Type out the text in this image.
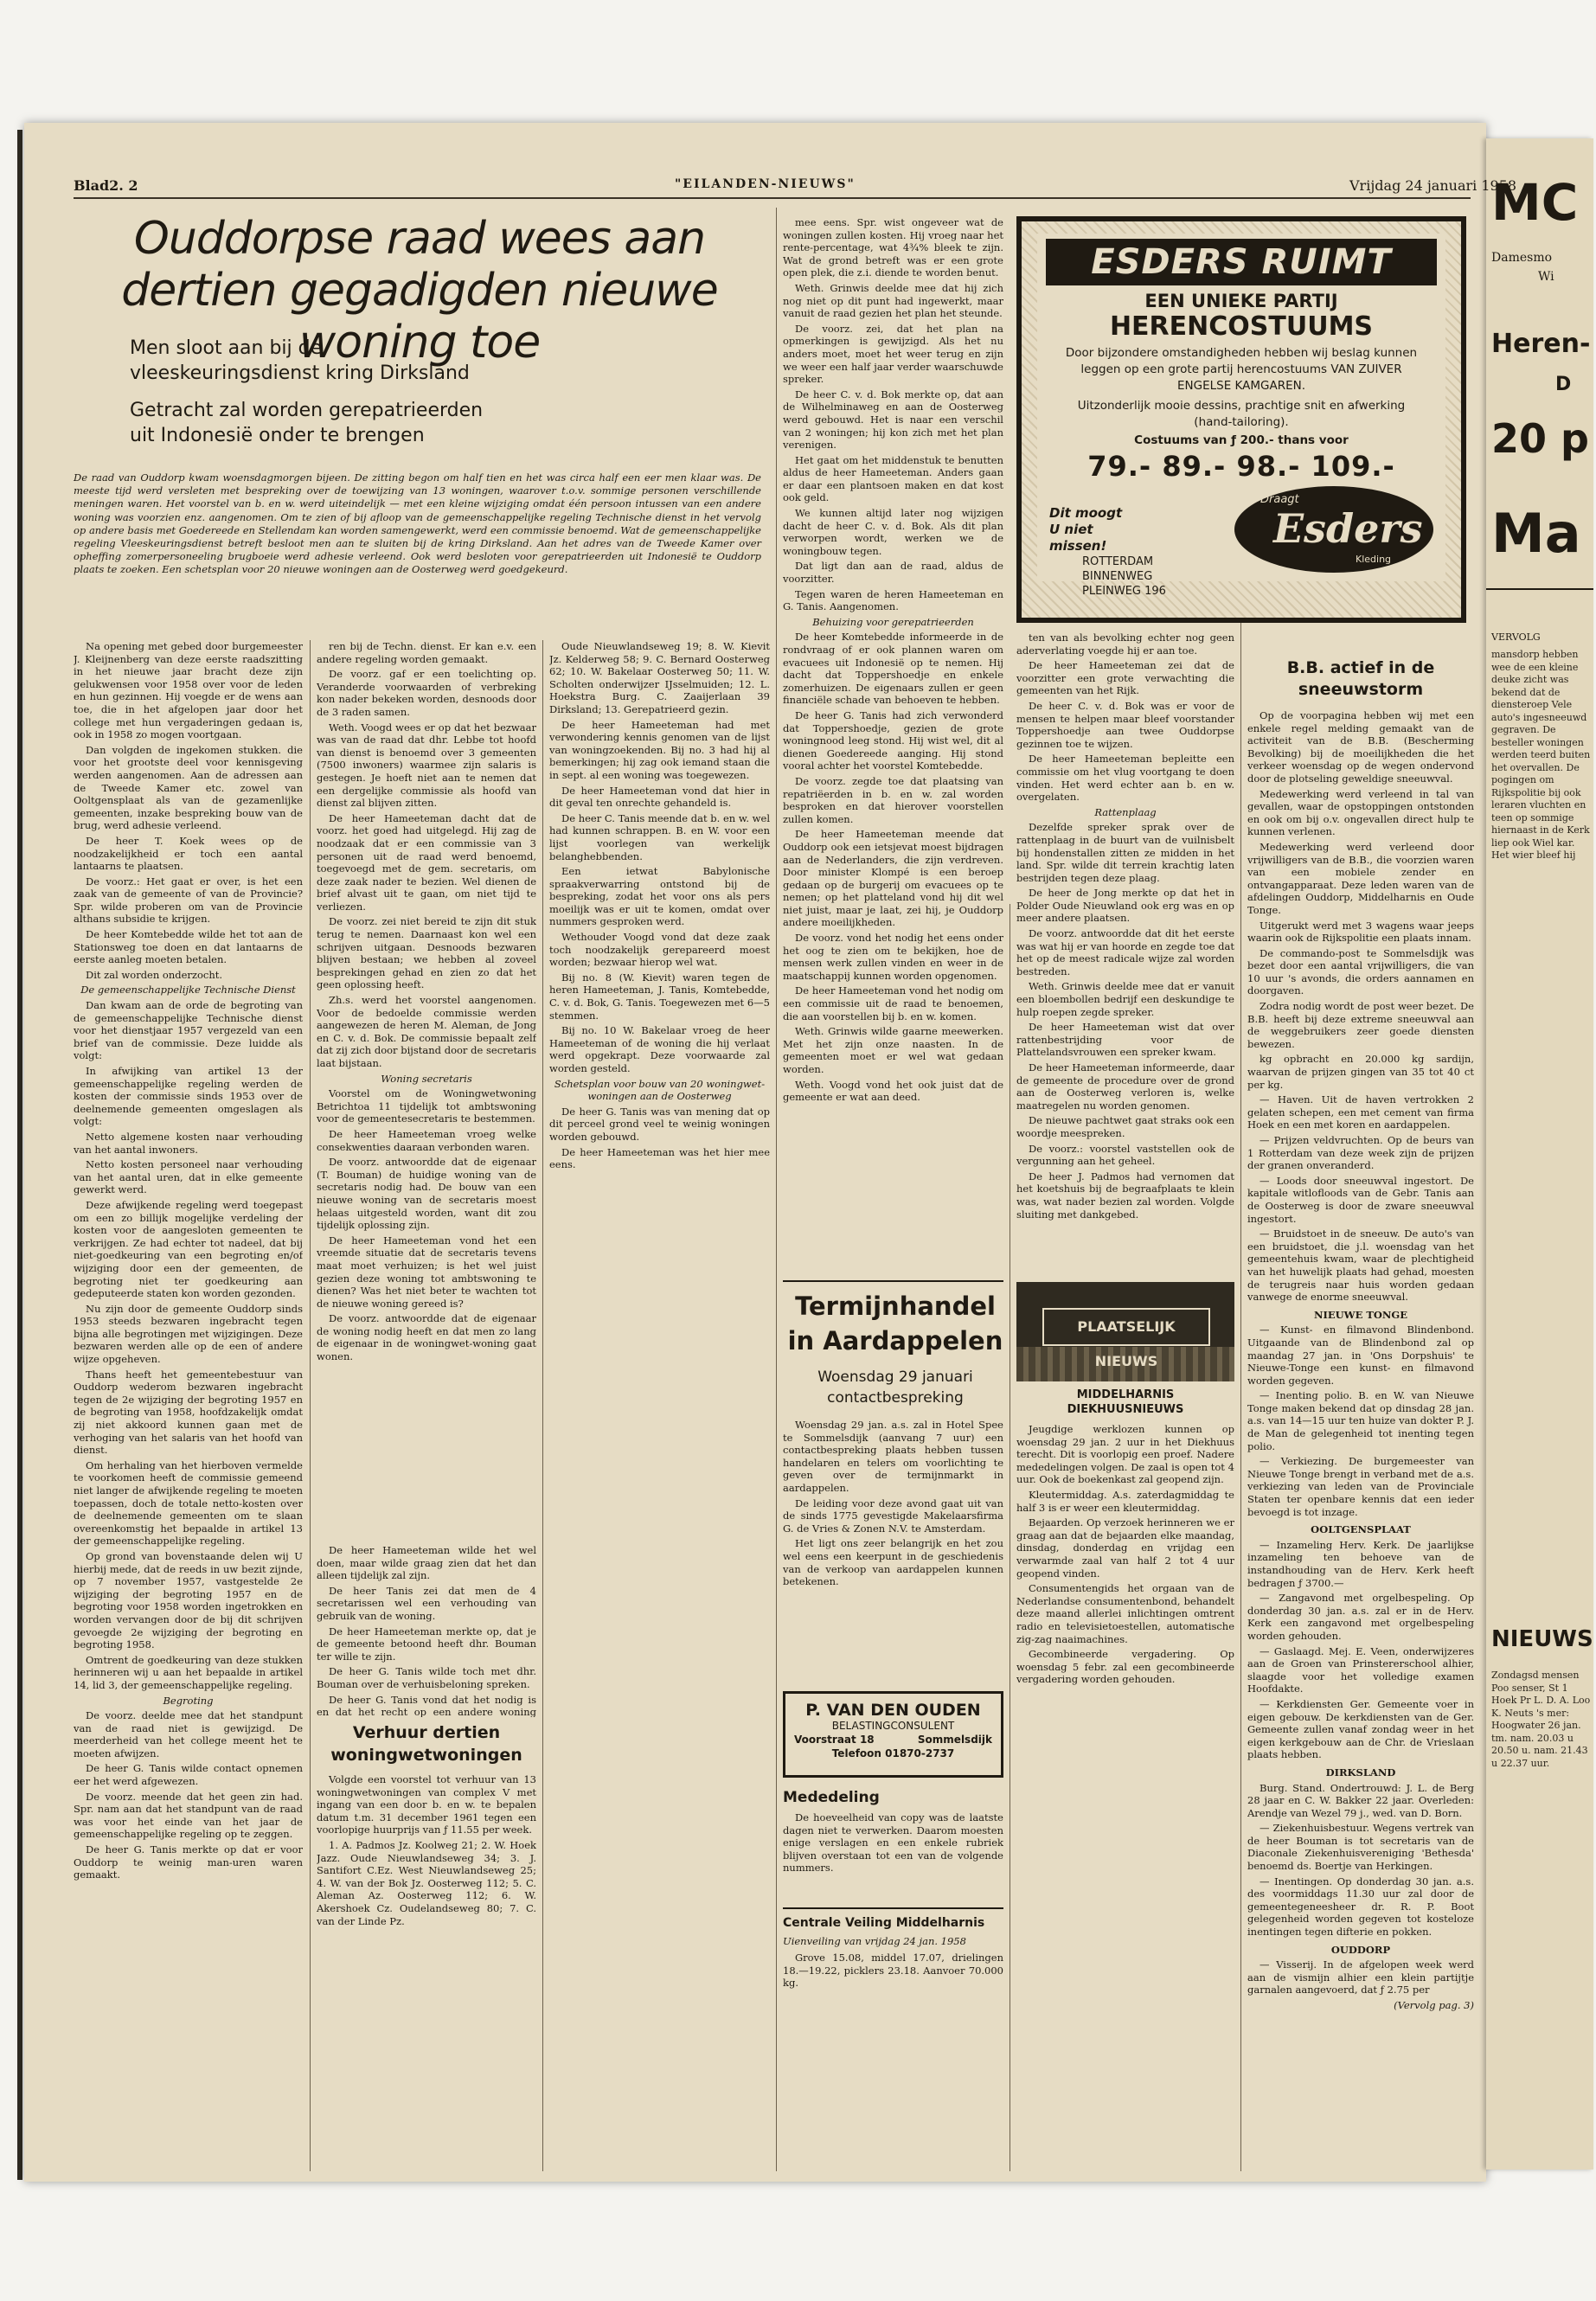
MC
Damesmo
Wi
Heren-
D
20 p
Ma
VERVOLG
mansdorp hebben wee de een kleine deuke zicht was bekend dat de diensteroep Vele auto's ingesneeuwd gegraven. De besteller woningen werden teerd buiten het overvallen. De pogingen om Rijkspolitie bij ook leraren vluchten en teen op sommige hiernaast in de Kerk liep ook Wiel kar. Het wier bleef hij
NIEUWS
Zondagsd mensen Poo senser, St 1 Hoek Pr L. D. A. Loo K. Neuts 's mer: Hoogwater 26 jan. tm. nam. 20.03 u 20.50 u. nam. 21.43 u 22.37 uur.
Blad2. 2	"EILANDEN-NIEUWS"	Vrijdag 24 januari 1958
Ouddorpse raad wees aan dertien gegadigden nieuwe woning toe
Men sloot aan bij de vleeskeuringsdienst kring Dirksland
Getracht zal worden gerepatrieerden uit Indonesië onder te brengen
De raad van Ouddorp kwam woensdagmorgen bijeen. De zitting begon om half tien en het was circa half een eer men klaar was. De meeste tijd werd versleten met bespreking over de toewijzing van 13 woningen, waarover t.o.v. sommige personen verschillende meningen waren. Het voorstel van b. en w. werd uiteindelijk — met een kleine wijziging omdat één persoon intussen van een andere woning was voorzien enz. aangenomen. Om te zien of bij afloop van de gemeenschappelijke regeling Technische dienst in het vervolg op andere basis met Goedereede en Stellendam kan worden samengewerkt, werd een commissie benoemd. Wat de gemeenschappelijke regeling Vleeskeuringsdienst betreft besloot men aan te sluiten bij de kring Dirksland. Aan het adres van de Tweede Kamer over opheffing zomerpersoneeling brugboeie werd adhesie verleend. Ook werd besloten voor gerepatrieerden uit Indonesië te Ouddorp plaats te zoeken. Een schetsplan voor 20 nieuwe woningen aan de Oosterweg werd goedgekeurd.

Na opening met gebed door burgemeester J. Kleijnenberg van deze eerste raadszitting in het nieuwe jaar bracht deze zijn gelukwensen voor 1958 over voor de leden en hun gezinnen. Hij voegde er de wens aan toe, die in het afgelopen jaar door het college met hun vergaderingen gedaan is, ook in 1958 zo mogen voortgaan.

Dan volgden de ingekomen stukken. die voor het grootste deel voor kennisgeving werden aangenomen. Aan de adressen aan de Tweede Kamer etc. zowel van Ooltgensplaat als van de gezamenlijke gemeenten, inzake bespreking bouw van de brug, werd adhesie verleend.

De heer T. Koek wees op de noodzakelijkheid er toch een aantal lantaarns te plaatsen.

De voorz.: Het gaat er over, is het een zaak van de gemeente of van de Provincie? Spr. wilde proberen om van de Provincie althans subsidie te krijgen.

De heer Komtebedde wilde het tot aan de Stationsweg toe doen en dat lantaarns de eerste aanleg moeten betalen.

Dit zal worden onderzocht.

De gemeenschappelijke Technische Dienst

Dan kwam aan de orde de begroting van de gemeenschappelijke Technische dienst voor het dienstjaar 1957 vergezeld van een brief van de commissie. Deze luidde als volgt:

In afwijking van artikel 13 der gemeenschappelijke regeling werden de kosten der commissie sinds 1953 over de deelnemende gemeenten omgeslagen als volgt:

Netto algemene kosten naar verhouding van het aantal inwoners.

Netto kosten personeel naar verhouding van het aantal uren, dat in elke gemeente gewerkt werd.

Deze afwijkende regeling werd toegepast om een zo billijk mogelijke verdeling der kosten voor de aangesloten gemeenten te verkrijgen. Ze had echter tot nadeel, dat bij niet-goedkeuring van een begroting en/of wijziging door een der gemeenten, de begroting niet ter goedkeuring aan gedeputeerde staten kon worden gezonden.

Nu zijn door de gemeente Ouddorp sinds 1953 steeds bezwaren ingebracht tegen bijna alle begrotingen met wijzigingen. Deze bezwaren werden alle op de een of andere wijze opgeheven.

Thans heeft het gemeentebestuur van Ouddorp wederom bezwaren ingebracht tegen de 2e wijziging der begroting 1957 en de begroting van 1958, hoofdzakelijk omdat zij niet akkoord kunnen gaan met de verhoging van het salaris van het hoofd van dienst.

Om herhaling van het hierboven vermelde te voorkomen heeft de commissie gemeend niet langer de afwijkende regeling te moeten toepassen, doch de totale netto-kosten over de deelnemende gemeenten om te slaan overeenkomstig het bepaalde in artikel 13 der gemeenschappelijke regeling.

Op grond van bovenstaande delen wij U hierbij mede, dat de reeds in uw bezit zijnde, op 7 november 1957, vastgestelde 2e wijziging der begroting 1957 en de begroting voor 1958 worden ingetrokken en worden vervangen door de bij dit schrijven gevoegde 2e wijziging der begroting en begroting 1958.

Omtrent de goedkeuring van deze stukken herinneren wij u aan het bepaalde in artikel 14, lid 3, der gemeenschappelijke regeling.

Begroting

De voorz. deelde mee dat het standpunt van de raad niet is gewijzigd. De meerderheid van het college meent het te moeten afwijzen.

De heer G. Tanis wilde contact opnemen eer het werd afgewezen.

De voorz. meende dat het geen zin had. Spr. nam aan dat het standpunt van de raad was voor het einde van het jaar de gemeenschappelijke regeling op te zeggen.

De heer G. Tanis merkte op dat er voor Ouddorp te weinig man-uren waren gemaakt.

ren bij de Techn. dienst. Er kan e.v. een andere regeling worden gemaakt.

De voorz. gaf er een toelichting op. Veranderde voorwaarden of verbreking kon nader bekeken worden, desnoods door de 3 raden samen.

Weth. Voogd wees er op dat het bezwaar was van de raad dat dhr. Lebbe tot hoofd van dienst is benoemd over 3 gemeenten (7500 inwoners) waarmee zijn salaris is gestegen. Je hoeft niet aan te nemen dat een dergelijke commissie als hoofd van dienst zal blijven zitten.

De heer Hameeteman dacht dat de voorz. het goed had uitgelegd. Hij zag de noodzaak dat er een commissie van 3 personen uit de raad werd benoemd, toegevoegd met de gem. secretaris, om deze zaak nader te bezien. Wel dienen de brief alvast uit te gaan, om niet tijd te verliezen.

De voorz. zei niet bereid te zijn dit stuk terug te nemen. Daarnaast kon wel een schrijven uitgaan. Desnoods bezwaren blijven bestaan; we hebben al zoveel besprekingen gehad en zien zo dat het geen oplossing heeft.

Zh.s. werd het voorstel aangenomen. Voor de bedoelde commissie werden aangewezen de heren M. Aleman, de Jong en C. v. d. Bok. De commissie bepaalt zelf dat zij zich door bijstand door de secretaris laat bijstaan.

Woning secretaris

Voorstel om de Woningwetwoning Betrichtoa 11 tijdelijk tot ambtswoning voor de gemeentesecretaris te bestemmen.

De heer Hameeteman vroeg welke consekwenties daaraan verbonden waren.

De voorz. antwoordde dat de eigenaar (T. Bouman) de huidige woning van de secretaris nodig had. De bouw van een nieuwe woning van de secretaris moest helaas uitgesteld worden, want dit zou tijdelijk oplossing zijn.

De heer Hameeteman vond het een vreemde situatie dat de secretaris tevens maat moet verhuizen; is het wel juist gezien deze woning tot ambtswoning te dienen? Was het niet beter te wachten tot de nieuwe woning gereed is?

De voorz. antwoordde dat de eigenaar de woning nodig heeft en dat men zo lang de eigenaar in de woningwet-woning gaat wonen.

Verhuur dertien woningwetwoningen

Volgde een voorstel tot verhuur van 13 woningwetwoningen van complex V met ingang van een door b. en w. te bepalen datum t.m. 31 december 1961 tegen een voorlopige huurprijs van ƒ 11.55 per week.

1. A. Padmos Jz. Koolweg 21; 2. W. Hoek Jazz. Oude Nieuwlandseweg 34; 3. J. Santifort C.Ez. West Nieuwlandseweg 25; 4. W. van der Bok Jz. Oosterweg 112; 5. C. Aleman Az. Oosterweg 112; 6. W. Akershoek Cz. Oudelandseweg 80; 7. C. van der Linde Pz.

De heer Hameeteman wilde het wel doen, maar wilde graag zien dat het dan alleen tijdelijk zal zijn.

De heer Tanis zei dat men de 4 secretarissen wel een verhouding van gebruik van de woning.

De heer Hameeteman merkte op, dat je de gemeente betoond heeft dhr. Bouman ter wille te zijn.

De heer G. Tanis wilde toch met dhr. Bouman over de verhuisbeloning spreken.

De heer G. Tanis vond dat het nodig is en dat het recht op een andere woning

Oude Nieuwlandseweg 19; 8. W. Kievit Jz. Kelderweg 58; 9. C. Bernard Oosterweg 62; 10. W. Bakelaar Oosterweg 50; 11. W. Scholten onderwijzer IJsselmuiden; 12. L. Hoekstra Burg. C. Zaaijerlaan 39 Dirksland; 13. Gerepatrieerd gezin.

De heer Hameeteman had met verwondering kennis genomen van de lijst van woningzoekenden. Bij no. 3 had hij al bemerkingen; hij zag ook iemand staan die in sept. al een woning was toegewezen.

De heer Hameeteman vond dat hier in dit geval ten onrechte gehandeld is.

De heer C. Tanis meende dat b. en w. wel had kunnen schrappen. B. en W. voor een lijst voorlegen van werkelijk belanghebbenden.

Een ietwat Babylonische spraakverwarring ontstond bij de bespreking, zodat het voor ons als pers moeilijk was er uit te komen, omdat over nummers gesproken werd.

Wethouder Voogd vond dat deze zaak toch noodzakelijk gerepareerd moest worden; bezwaar hierop wel wat.

Bij no. 8 (W. Kievit) waren tegen de heren Hameeteman, J. Tanis, Komtebedde, C. v. d. Bok, G. Tanis. Toegewezen met 6—5 stemmen.

Bij no. 10 W. Bakelaar vroeg de heer Hameeteman of de woning die hij verlaat werd opgekrapt. Deze voorwaarde zal worden gesteld.

Schetsplan voor bouw van 20 woningwet-woningen aan de Oosterweg

De heer G. Tanis was van mening dat op dit perceel grond veel te weinig woningen worden gebouwd.

De heer Hameeteman was het hier mee eens.

mee eens. Spr. wist ongeveer wat de woningen zullen kosten. Hij vroeg naar het rente-percentage, wat 4¾% bleek te zijn. Wat de grond betreft was er een grote open plek, die z.i. diende te worden benut.

Weth. Grinwis deelde mee dat hij zich nog niet op dit punt had ingewerkt, maar vanuit de raad gezien het plan het steunde.

De voorz. zei, dat het plan na opmerkingen is gewijzigd. Als het nu anders moet, moet het weer terug en zijn we weer een half jaar verder waarschuwde spreker.

De heer C. v. d. Bok merkte op, dat aan de Wilhelminaweg en aan de Oosterweg werd gebouwd. Het is naar een verschil van 2 woningen; hij kon zich met het plan verenigen.

Het gaat om het middenstuk te benutten aldus de heer Hameeteman. Anders gaan er daar een plantsoen maken en dat kost ook geld.

We kunnen altijd later nog wijzigen dacht de heer C. v. d. Bok. Als dit plan verworpen wordt, werken we de woningbouw tegen.

Dat ligt dan aan de raad, aldus de voorzitter.

Tegen waren de heren Hameeteman en G. Tanis. Aangenomen.

Behuizing voor gerepatrieerden

De heer Komtebedde informeerde in de rondvraag of er ook plannen waren om evacuees uit Indonesië op te nemen. Hij dacht dat Toppershoedje en enkele zomerhuizen. De eigenaars zullen er geen financiële schade van behoeven te hebben.

De heer G. Tanis had zich verwonderd dat Toppershoedje, gezien de grote woningnood leeg stond. Hij wist wel, dit al dienen Goedereede aanging. Hij stond vooral achter het voorstel Komtebedde.

De voorz. zegde toe dat plaatsing van repatriëerden in b. en w. zal worden besproken en dat hierover voorstellen zullen komen.

De heer Hameeteman meende dat Ouddorp ook een ietsjevat moest bijdragen aan de Nederlanders, die zijn verdreven. Door minister Klompé is een beroep gedaan op de burgerij om evacuees op te nemen; op het platteland vond hij dit wel niet juist, maar je laat, zei hij, je Ouddorp andere moeilijkheden.

De voorz. vond het nodig het eens onder het oog te zien om te bekijken, hoe de mensen werk zullen vinden en weer in de maatschappij kunnen worden opgenomen.

De heer Hameeteman vond het nodig om een commissie uit de raad te benoemen, die aan voorstellen bij b. en w. komen.

Weth. Grinwis wilde gaarne meewerken. Met het zijn onze naasten. In de gemeenten moet er wel wat gedaan worden.

Weth. Voogd vond het ook juist dat de gemeente er wat aan deed.

Termijnhandel in Aardappelen
Woensdag 29 januari contactbespreking

Woensdag 29 jan. a.s. zal in Hotel Spee te Sommelsdijk (aanvang 7 uur) een contactbespreking plaats hebben tussen handelaren en telers om voorlichting te geven over de termijnmarkt in aardappelen.

De leiding voor deze avond gaat uit van de sinds 1775 gevestigde Makelaarsfirma G. de Vries & Zonen N.V. te Amsterdam.

Het ligt ons zeer belangrijk en het zou wel eens een keerpunt in de geschiedenis van de verkoop van aardappelen kunnen betekenen.

P. VAN DEN OUDEN
BELASTINGCONSULENT
Voorstraat 18	Sommelsdijk
Telefoon 01870-2737
Mededeling

De hoeveelheid van copy was de laatste dagen niet te verwerken. Daarom moesten enige verslagen en een enkele rubriek blijven overstaan tot een van de volgende nummers.

Centrale Veiling Middelharnis
Uienveiling van vrijdag 24 jan. 1958

Grove 15.08, middel 17.07, drielingen 18.—19.22, picklers 23.18. Aanvoer 70.000 kg.

ESDERS RUIMT
EEN UNIEKE PARTIJ
HERENCOSTUUMS
Door bijzondere omstandigheden hebben wij beslag kunnen leggen op een grote partij herencostuums VAN ZUIVER ENGELSE KAMGAREN.
Uitzonderlijk mooie dessins, prachtige snit en afwerking (hand-tailoring).
Costuums van ƒ 200.- thans voor
79.- 89.- 98.- 109.-
Dit moogt U niet missen!
Draagt
Esders
Kleding
ROTTERDAM
BINNENWEG
PLEINWEG 196

ten van als bevolking echter nog geen aderverlating voegde hij er aan toe.

De heer Hameeteman zei dat de voorzitter een grote verwachting die gemeenten van het Rijk.

De heer C. v. d. Bok was er voor de mensen te helpen maar bleef voorstander Toppershoedje aan twee Ouddorpse gezinnen toe te wijzen.

De heer Hameeteman bepleitte een commissie om het vlug voortgang te doen vinden. Het werd echter aan b. en w. overgelaten.

Rattenplaag

Dezelfde spreker sprak over de rattenplaag in de buurt van de vuilnisbelt bij hondenstallen zitten ze midden in het land. Spr. wilde dit terrein krachtig laten bestrijden tegen deze plaag.

De heer de Jong merkte op dat het in Polder Oude Nieuwland ook erg was en op meer andere plaatsen.

De voorz. antwoordde dat dit het eerste was wat hij er van hoorde en zegde toe dat het op de meest radicale wijze zal worden bestreden.

Weth. Grinwis deelde mee dat er vanuit een bloembollen bedrijf een deskundige te hulp roepen zegde spreker.

De heer Hameeteman wist dat over rattenbestrijding voor de Plattelandsvrouwen een spreker kwam.

De heer Hameeteman informeerde, daar de gemeente de procedure over de grond aan de Oosterweg verloren is, welke maatregelen nu worden genomen.

De nieuwe pachtwet gaat straks ook een woordje meespreken.

De voorz.: voorstel vaststellen ook de vergunning aan het geheel.

De heer J. Padmos had vernomen dat het koetshuis bij de begraafplaats te klein was, wat nader bezien zal worden. Volgde sluiting met dankgebed.

PLAATSELIJK NIEUWS
MIDDELHARNIS
DIEKHUUSNIEUWS

Jeugdige werklozen kunnen op woensdag 29 jan. 2 uur in het Diekhuus terecht. Dit is voorlopig een proef. Nadere mededelingen volgen. De zaal is open tot 4 uur. Ook de boekenkast zal geopend zijn.

Kleutermiddag. A.s. zaterdagmiddag te half 3 is er weer een kleutermiddag.

Bejaarden. Op verzoek herinneren we er graag aan dat de bejaarden elke maandag, dinsdag, donderdag en vrijdag een verwarmde zaal van half 2 tot 4 uur geopend vinden.

Consumentengids het orgaan van de Nederlandse consumentenbond, behandelt deze maand allerlei inlichtingen omtrent radio en televisietoestellen, automatische zig-zag naaimachines.

Gecombineerde vergadering. Op woensdag 5 febr. zal een gecombineerde vergadering worden gehouden.

B.B. actief in de sneeuwstorm

Op de voorpagina hebben wij met een enkele regel melding gemaakt van de activiteit van de B.B. (Bescherming Bevolking) bij de moeilijkheden die het verkeer woensdag op de wegen ondervond door de plotseling geweldige sneeuwval.

Medewerking werd verleend in tal van gevallen, waar de opstoppingen ontstonden en ook om bij o.v. ongevallen direct hulp te kunnen verlenen.

Medewerking werd verleend door vrijwilligers van de B.B., die voorzien waren van een mobiele zender en ontvangapparaat. Deze leden waren van de afdelingen Ouddorp, Middelharnis en Oude Tonge.

Uitgerukt werd met 3 wagens waar jeeps waarin ook de Rijkspolitie een plaats innam.

De commando-post te Sommelsdijk was bezet door een aantal vrijwilligers, die van 10 uur 's avonds, die orders aannamen en doorgaven.

Zodra nodig wordt de post weer bezet. De B.B. heeft bij deze extreme sneeuwval aan de weggebruikers zeer goede diensten bewezen.

kg opbracht en 20.000 kg sardijn, waarvan de prijzen gingen van 35 tot 40 ct per kg.

— Haven. Uit de haven vertrokken 2 gelaten schepen, een met cement van firma Hoek en een met koren en aardappelen.

— Prijzen veldvruchten. Op de beurs van 1 Rotterdam van deze week zijn de prijzen der granen onveranderd.

— Loods door sneeuwval ingestort. De kapitale witlofloods van de Gebr. Tanis aan de Oosterweg is door de zware sneeuwval ingestort.

— Bruidstoet in de sneeuw. De auto's van een bruidstoet, die j.l. woensdag van het gemeentehuis kwam, waar de plechtigheid van het huwelijk plaats had gehad, moesten de terugreis naar huis worden gedaan vanwege de enorme sneeuwval.

NIEUWE TONGE

— Kunst- en filmavond Blindenbond. Uitgaande van de Blindenbond zal op maandag 27 jan. in 'Ons Dorpshuis' te Nieuwe-Tonge een kunst- en filmavond worden gegeven.

— Inenting polio. B. en W. van Nieuwe Tonge maken bekend dat op dinsdag 28 jan. a.s. van 14—15 uur ten huize van dokter P. J. de Man de gelegenheid tot inenting tegen polio.

— Verkiezing. De burgemeester van Nieuwe Tonge brengt in verband met de a.s. verkiezing van leden van de Provinciale Staten ter openbare kennis dat een ieder bevoegd is tot inzage.

OOLTGENSPLAAT

— Inzameling Herv. Kerk. De jaarlijkse inzameling ten behoeve van de instandhouding van de Herv. Kerk heeft bedragen ƒ 3700.—

— Zangavond met orgelbespeling. Op donderdag 30 jan. a.s. zal er in de Herv. Kerk een zangavond met orgelbespeling worden gehouden.

— Gaslaagd. Mej. E. Veen, onderwijzeres aan de Groen van Prinstererschool alhier, slaagde voor het volledige examen Hoofdakte.

— Kerkdiensten Ger. Gemeente voer in eigen gebouw. De kerkdiensten van de Ger. Gemeente zullen vanaf zondag weer in het eigen kerkgebouw aan de Chr. de Vrieslaan plaats hebben.

DIRKSLAND

Burg. Stand. Ondertrouwd: J. L. de Berg 28 jaar en C. W. Bakker 22 jaar. Overleden: Arendje van Wezel 79 j., wed. van D. Born.

— Ziekenhuisbestuur. Wegens vertrek van de heer Bouman is tot secretaris van de Diaconale Ziekenhuisvereniging 'Bethesda' benoemd ds. Boertje van Herkingen.

— Inentingen. Op donderdag 30 jan. a.s. des voormiddags 11.30 uur zal door de gemeentegeneesheer dr. R. P. Boot gelegenheid worden gegeven tot kosteloze inentingen tegen difterie en pokken.

OUDDORP

— Visserij. In de afgelopen week werd aan de vismijn alhier een klein partijtje garnalen aangevoerd, dat ƒ 2.75 per

(Vervolg pag. 3)
